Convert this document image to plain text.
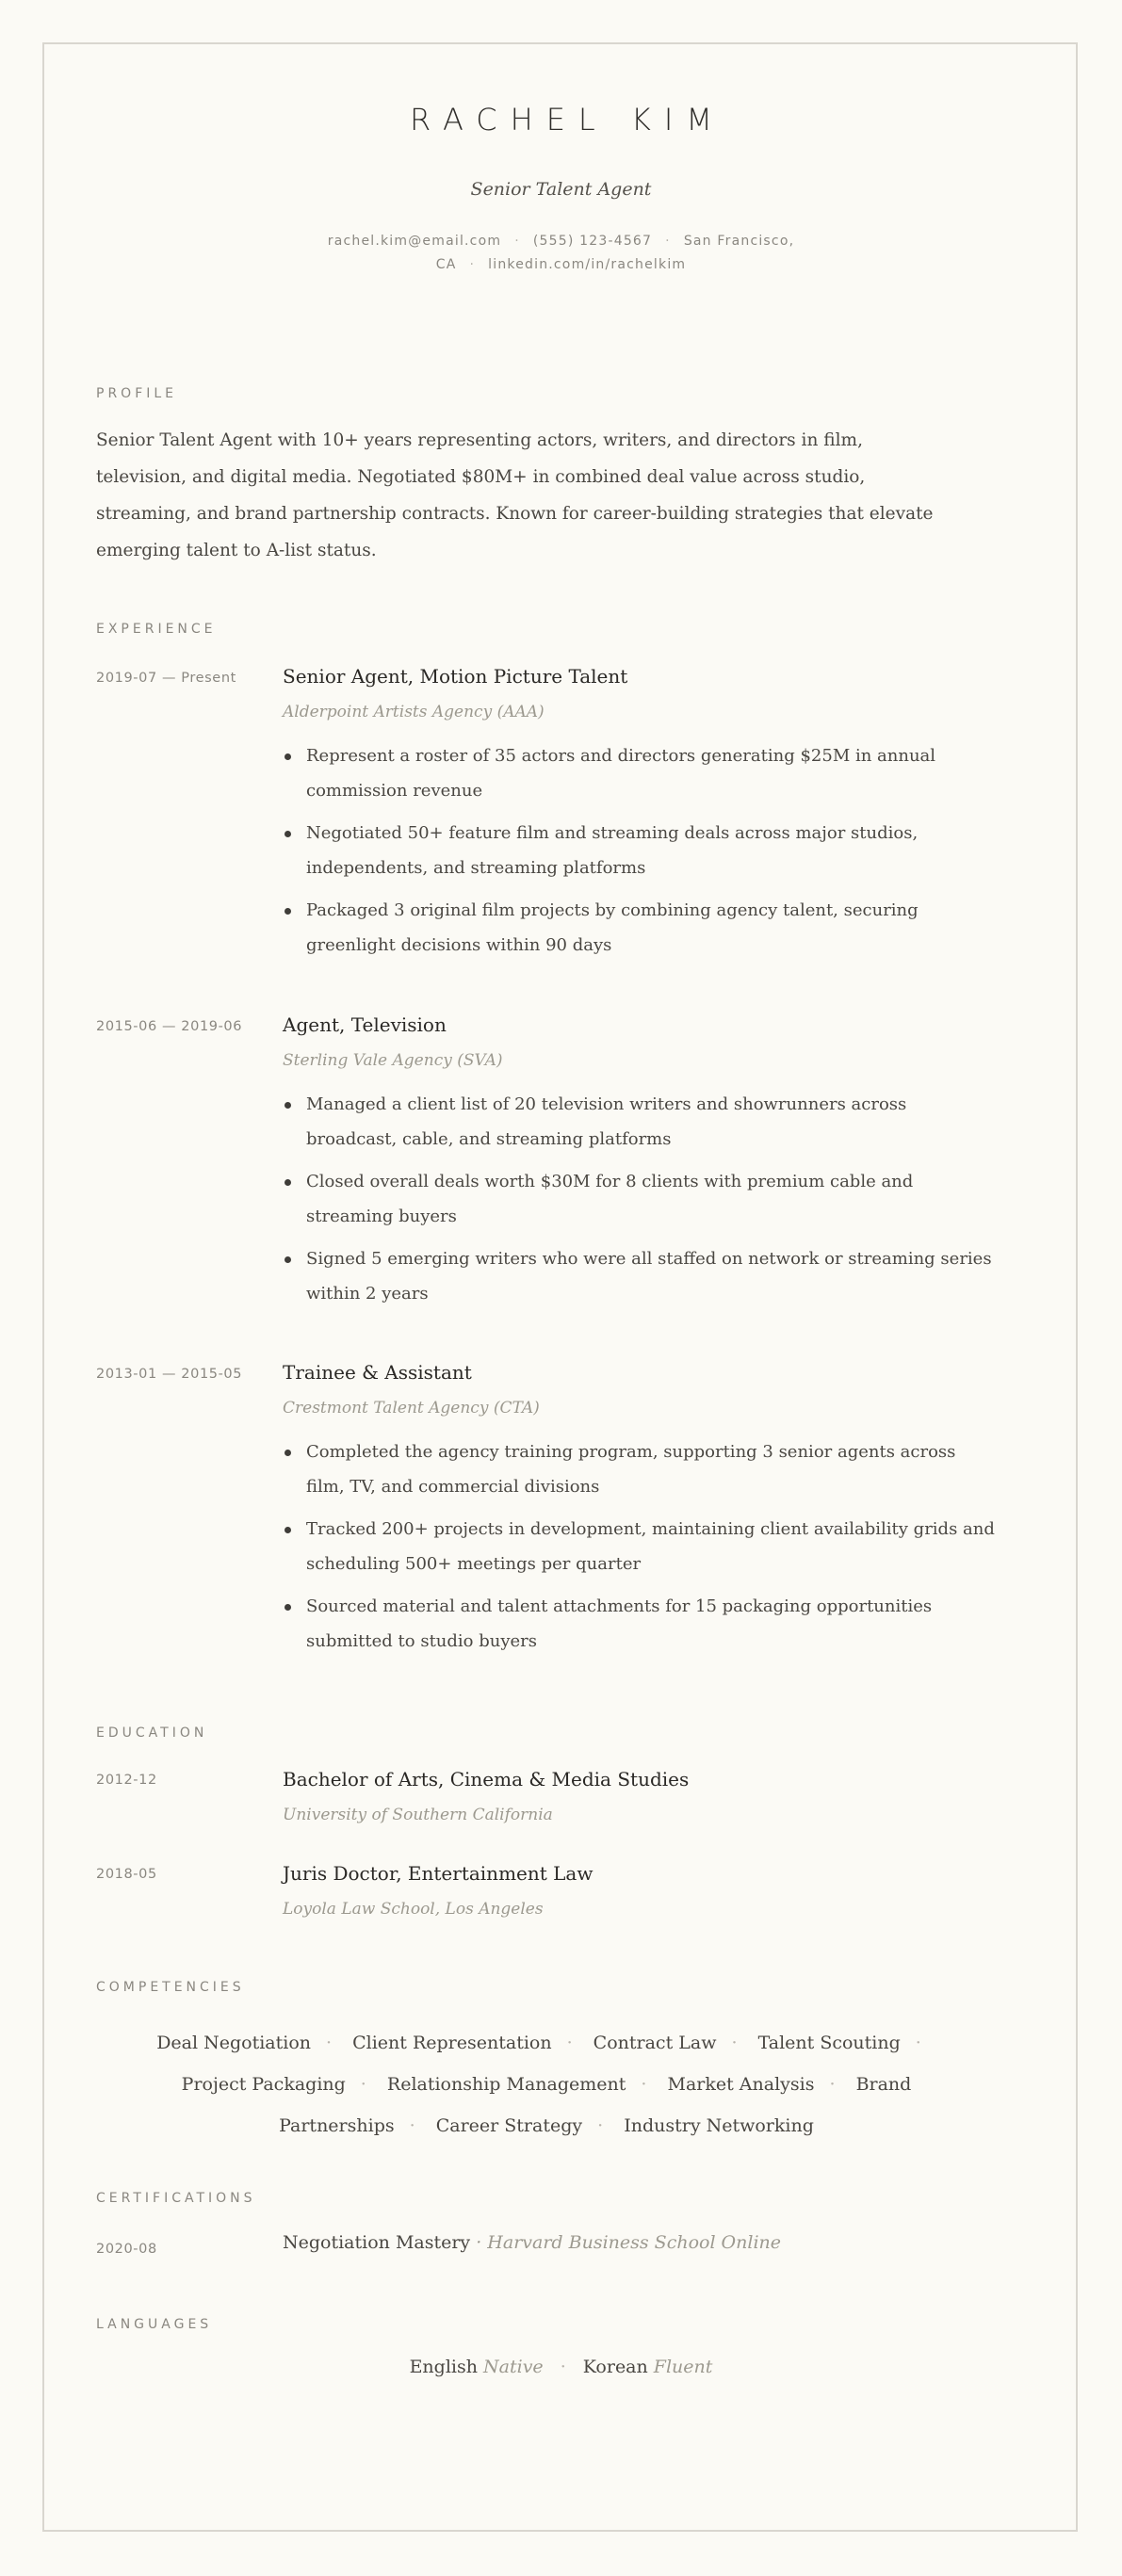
RACHEL KIM
Senior Talent Agent
rachel.kim@email.com · (555) 123-4567 · San Francisco, CA · linkedin.com/in/rachelkim
PROFILE
Senior Talent Agent with 10+ years representing actors, writers, and directors in film, television, and digital media. Negotiated $80M+ in combined deal value across studio, streaming, and brand partnership contracts. Known for career-building strategies that elevate emerging talent to A-list status.
EXPERIENCE
2019-07 — Present Senior Agent, Motion Picture Talent
Alderpoint Artists Agency (AAA)
Represent a roster of 35 actors and directors generating $25M in annual commission revenue
Negotiated 50+ feature film and streaming deals across major studios, independents, and streaming platforms
Packaged 3 original film projects by combining agency talent, securing greenlight decisions within 90 days
2015-06 — 2019-06 Agent, Television
Sterling Vale Agency (SVA)
Managed a client list of 20 television writers and showrunners across broadcast, cable, and streaming platforms
Closed overall deals worth $30M for 8 clients with premium cable and streaming buyers
Signed 5 emerging writers who were all staffed on network or streaming series within 2 years
2013-01 — 2015-05 Trainee & Assistant
Crestmont Talent Agency (CTA)
Completed the agency training program, supporting 3 senior agents across film, TV, and commercial divisions
Tracked 200+ projects in development, maintaining client availability grids and scheduling 500+ meetings per quarter
Sourced material and talent attachments for 15 packaging opportunities submitted to studio buyers
EDUCATION
2012-12	Bachelor of Arts, Cinema & Media Studies
University of Southern California
2018-05	Juris Doctor, Entertainment Law
Loyola Law School, Los Angeles
COMPETENCIES
Deal Negotiation · Client Representation · Contract Law · Talent Scouting · Project Packaging · Relationship Management · Market Analysis · Brand Partnerships · Career Strategy · Industry Networking
CERTIFICATIONS
2020-08	Negotiation Mastery · Harvard Business School Online
LANGUAGES
English Native · Korean Fluent
